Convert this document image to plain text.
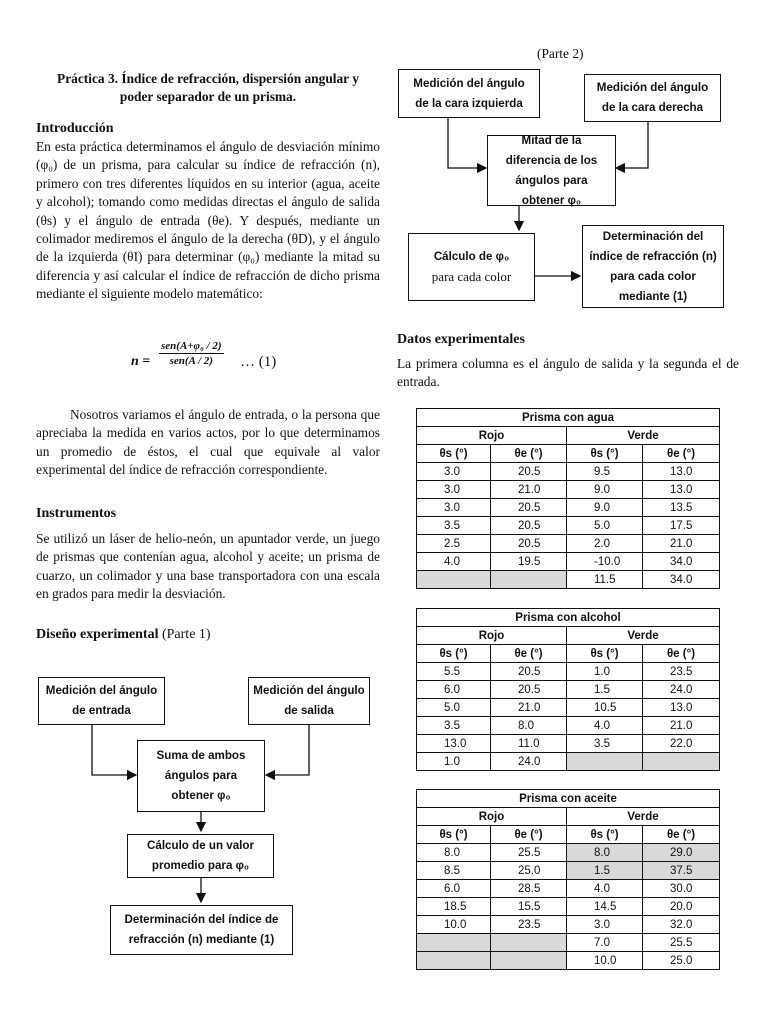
Práctica 3. Índice de refracción, dispersión angular y
poder separador de un prisma.
Introducción
En esta práctica determinamos el ángulo de desviación mínimo (φ₀) de un prisma, para calcular su índice de refracción (n), primero con tres diferentes líquidos en su interior (agua, aceite y alcohol); tomando como medidas directas el ángulo de salida (θs) y el ángulo de entrada (θe). Y después, mediante un colimador mediremos el ángulo de la derecha (θD), y el ángulo de la izquierda (θI) para determinar (φ₀) mediante la mitad su diferencia y así calcular el índice de refracción de dicho prisma mediante el siguiente modelo matemático:
n =
sen(A+φ₀ / 2)
sen(A / 2)	… (1)
Nosotros variamos el ángulo de entrada, o la persona que apreciaba la medida en varios actos, por lo que determinamos un promedio de éstos, el cual que equivale al valor experimental del índice de refracción correspondiente.
Instrumentos
Se utilizó un láser de helio-neón, un apuntador verde, un juego de prismas que contenían agua, alcohol y aceite; un prisma de cuarzo, un colimador y una base transportadora con una escala en grados para medir la desviación.
Diseño experimental (Parte 1)
Medición del ángulo de entrada
Medición del ángulo de salida
Suma de ambos ángulos para obtener φ₀
Cálculo de un valor promedio para φ₀
Determinación del índice de refracción (n) mediante (1)
(Parte 2)
Medición del ángulo de la cara izquierda
Medición del ángulo de la cara derecha
Mitad de la diferencia de los ángulos para obtener φ₀
Cálculo de φ₀
para cada color
Determinación del índice de refracción (n) para cada color mediante (1)
Datos experimentales
La primera columna es el ángulo de salida y la segunda el de entrada.
Prisma con agua			
Rojo		Verde	
θs (°)	θe (°)	θs (°)	θe (°)
3.0	20.5	9.5	13.0
3.0	21.0	9.0	13.0
3.0	20.5	9.0	13.5
3.5	20.5	5.0	17.5
2.5	20.5	2.0	21.0
4.0	19.5	-10.0	34.0
		11.5	34.0
Prisma con alcohol			
Rojo		Verde	
θs (°)	θe (°)	θs (°)	θe (°)
5.5	20.5	1.0	23.5
6.0	20.5	1.5	24.0
5.0	21.0	10.5	13.0
3.5	8.0	4.0	21.0
13.0	11.0	3.5	22.0
1.0	24.0		
Prisma con aceite			
Rojo		Verde	
θs (°)	θe (°)	θs (°)	θe (°)
8.0	25.5	8.0	29.0
8.5	25.0	1.5	37.5
6.0	28.5	4.0	30.0
18.5	15.5	14.5	20.0
10.0	23.5	3.0	32.0
		7.0	25.5
		10.0	25.0
